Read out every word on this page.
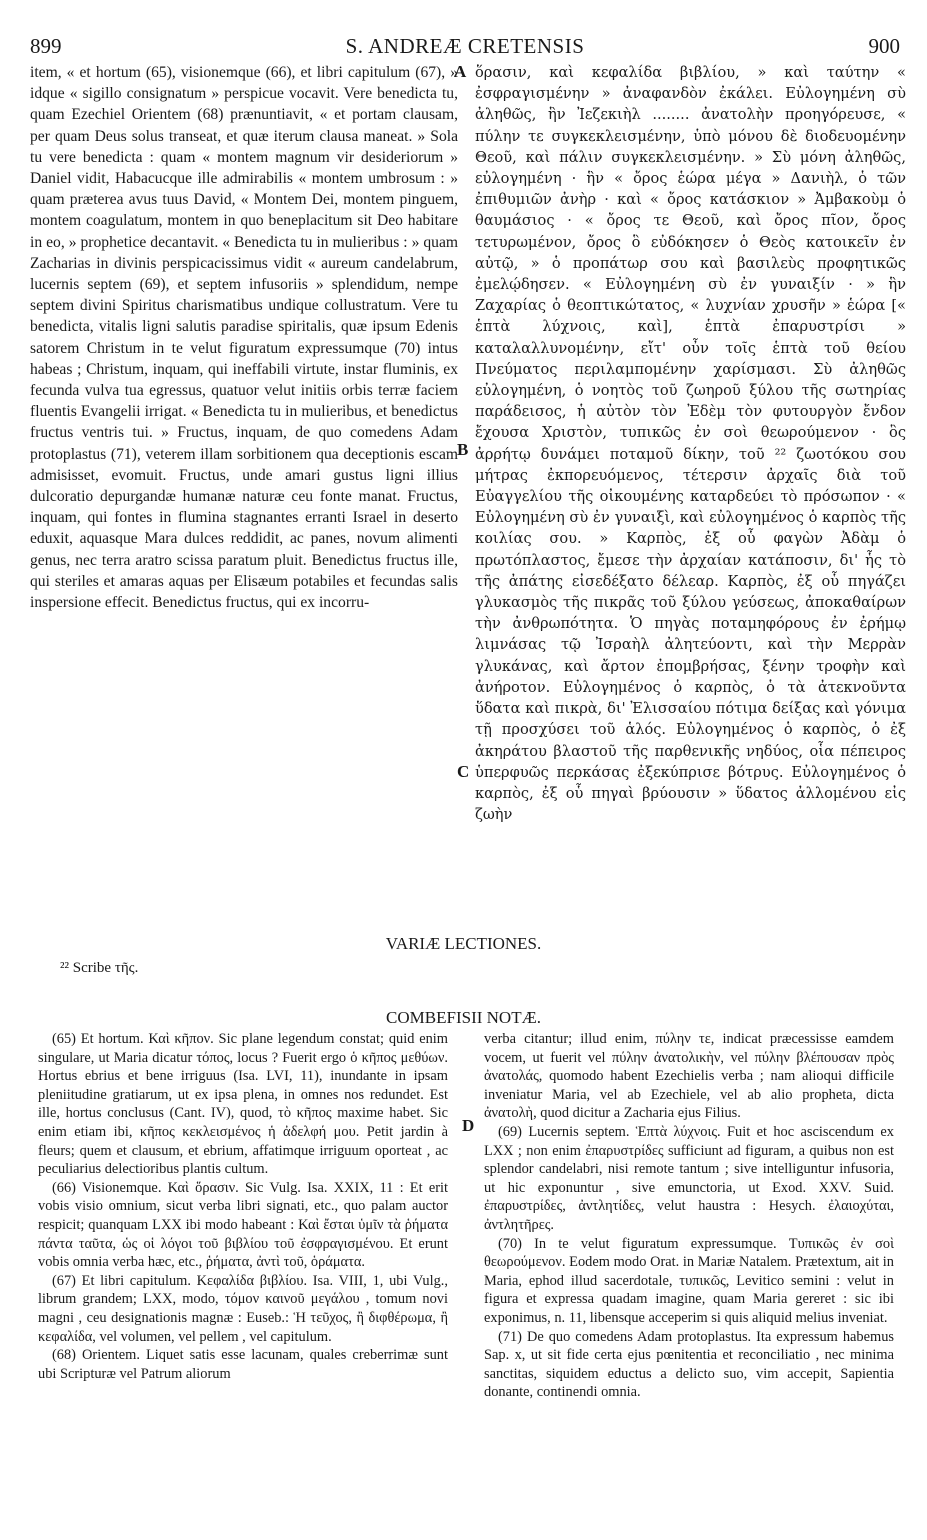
899	S. ANDREÆ CRETENSIS	900
item, « et hortum (65), visionemque (66), et libri capitulum (67), » idque « sigillo consignatum » perspicue vocavit. Vere benedicta tu, quam Ezechiel Orientem (68) prænuntiavit, « et portam clausam, per quam Deus solus transeat, et quæ iterum clausa maneat. » Sola tu vere benedicta : quam « montem magnum vir desideriorum » Daniel vidit, Habacucque ille admirabilis « montem umbrosum : » quam prætereа avus tuus David, « Montem Dei, montem pinguem, montem coagulatum, montem in quo beneplacitum sit Deo habitare in eo, » prophetice decantavit. « Benedicta tu in mulieribus : » quam Zacharias in divinis perspicacissimus vidit « aureum candelabrum, lucernis septem (69), et septem infusoriis » splendidum, nempe septem divini Spiritus charismatibus undique collustratum. Vere tu benedicta, vitalis ligni salutis paradise spiritalis, quæ ipsum Edenis satorem Christum in te velut figuratum expressumque (70) intus habeas ; Christum, inquam, qui ineffabili virtute, instar fluminis, ex fecunda vulva tua egressus, quatuor velut initiis orbis terræ faciem fluentis Evangelii irrigat. « Benedicta tu in mulieribus, et benedictus fructus ventris tui. » Fructus, inquam, de quo comedens Adam protoplastus (71), veterem illam sorbitionem qua deceptionis escam admisisset, evomuit. Fructus, unde amari gustus ligni illius dulcoratio depurgandæ humanæ naturæ ceu fonte manat. Fructus, inquam, qui fontes in flumina stagnantes erranti Israel in deserto eduxit, aquasque Mara dulces reddidit, ac panes, novum alimenti genus, nec terra aratro scissa paratum pluit. Benedictus fructus ille, qui steriles et amaras aquas per Elisæum potabiles et fecundas salis inspersione effecit. Benedictus fructus, qui ex incorru-
A
B
C
ὅρασιν, καὶ κεφαλίδα βιβλίου, » καὶ ταύτην « ἐσφραγισμένην » ἀναφανδὸν ἐκάλει. Εὐλογημένη σὺ ἀληθῶς, ἣν Ἰεζεκιὴλ ........ ἀνατολὴν προηγόρευσε, « πύλην τε συγκεκλεισμένην, ὑπὸ μόνου δὲ διοδευομένην Θεοῦ, καὶ πάλιν συγκεκλεισμένην. » Σὺ μόνη ἀληθῶς, εὐλογημένη · ἣν « ὄρος ἑώρα μέγα » Δανιὴλ, ὁ τῶν ἐπιθυμιῶν ἀνὴρ · καὶ « ὄρος κατάσκιον » Ἀμβακοὺμ ὁ θαυμάσιος · « ὄρος τε Θεοῦ, καὶ ὄρος πῖον, ὄρος τετυρωμένον, ὄρος ὃ εὐδόκησεν ὁ Θεὸς κατοικεῖν ἐν αὐτῷ, » ὁ προπάτωρ σου καὶ βασιλεὺς προφητικῶς ἐμελῴδησεν. « Εὐλογημένη σὺ ἐν γυναιξίν · » ἣν Ζαχαρίας ὁ θεοπτικώτατος, « λυχνίαν χρυσῆν » ἑώρα [« ἑπτὰ λύχνοις, καὶ], ἑπτὰ ἐπαρυστρίσι » καταλαλλυνομένην, εἴτ' οὖν τοῖς ἑπτὰ τοῦ θείου Πνεύματος περιλαμπομένην χαρίσμασι. Σὺ ἀληθῶς εὐλογημένη, ὁ νοητὸς τοῦ ζωηροῦ ξύλου τῆς σωτηρίας παράδεισος, ἡ αὐτὸν τὸν Ἐδὲμ τὸν φυτουργὸν ἔνδον ἔχουσα Χριστὸν, τυπικῶς ἐν σοὶ θεωρούμενον · ὃς ἀρρήτῳ δυνάμει ποταμοῦ δίκην, τοῦ ²² ζωοτόκου σου μήτρας ἐκπορευόμενος, τέτερσιν ἀρχαῖς διὰ τοῦ Εὐαγγελίου τῆς οἰκουμένης καταρδεύει τὸ πρόσωπον · « Εὐλογημένη σὺ ἐν γυναιξὶ, καὶ εὐλογημένος ὁ καρπὸς τῆς κοιλίας σου. » Καρπὸς, ἐξ οὗ φαγὼν Ἀδὰμ ὁ πρωτόπλαστος, ἔμεσε τὴν ἀρχαίαν κατάποσιν, δι' ἧς τὸ τῆς ἀπάτης εἰσεδέξατο δέλεαρ. Καρπὸς, ἐξ οὗ πηγάζει γλυκασμὸς τῆς πικρᾶς τοῦ ξύλου γεύσεως, ἀποκαθαίρων τὴν ἀνθρωπότητα. Ὁ πηγὰς ποταμηφόρους ἐν ἐρήμῳ λιμνάσας τῷ Ἰσραὴλ ἀλητεύοντι, καὶ τὴν Μερρὰν γλυκάνας, καὶ ἄρτον ἐπομβρήσας, ξένην τροφὴν καὶ ἀνήροτον. Εὐλογημένος ὁ καρπὸς, ὁ τὰ ἀτεκνοῦντα ὕδατα καὶ πικρὰ, δι' Ἐλισσαίου πότιμα δείξας καὶ γόνιμα τῇ προσχύσει τοῦ ἁλός. Εὐλογημένος ὁ καρπὸς, ὁ ἐξ ἀκηράτου βλαστοῦ τῆς παρθενικῆς νηδύος, οἷα πέπειρος ὑπερφυῶς περκάσας ἐξεκύπρισε βότρυς. Εὐλογημένος ὁ καρπὸς, ἐξ οὗ πηγαὶ βρύουσιν » ὕδατος ἀλλομένου εἰς ζωὴν
VARIÆ LECTIONES.
²² Scribe τῆς.
COMBEFISII NOTÆ.

(65) Et hortum. Καὶ κῆπον. Sic plane legendum constat; quid enim singulare, ut Maria dicatur τόπος, locus ? Fuerit ergo ὁ κῆπος μεθύων. Hortus ebrius et bene irriguus (Isa. LVI, 11), inundante in ipsam pleniitudine gratiarum, ut ex ipsa plena, in omnes nos redundet. Est ille, hortus conclusus (Cant. IV), quod, τὸ κῆπος maxime habet. Sic enim etiam ibi, κῆπος κεκλεισμένος ἡ ἀδελφή μου. Petit jardin à fleurs; quem et clausum, et ebrium, affatimque irriguum oporteat , ac peculiarius delectioribus plantis cultum.

(66) Visionemque. Καὶ ὅρασιν. Sic Vulg. Isa. XXIX, 11 : Et erit vobis visio omnium, sicut verba libri signati, etc., quo palam auctor respicit; quanquam LXX ibi modo habeant : Καὶ ἔσται ὑμῖν τὰ ῥήματα πάντα ταῦτα, ὡς οἱ λόγοι τοῦ βιβλίου τοῦ ἐσφραγισμένου. Et erunt vobis omnia verba hæc, etc., ῥήματα, ἀντὶ τοῦ, ὁράματα.

(67) Et libri capitulum. Κεφαλίδα βιβλίου. Isa. VIII, 1, ubi Vulg., librum grandem; LXX, modo, τόμον καινοῦ μεγάλου , tomum novi magni , ceu designationis magnæ : Euseb.: Ἡ τεῦχος, ἢ διφθέρωμα, ἢ κεφαλίδα, vel volumen, vel pellem , vel capitulum.

(68) Orientem. Liquet satis esse lacunam, quales creberrimæ sunt ubi Scripturæ vel Patrum aliorum

D

verba citantur; illud enim, πύλην τε, indicat præcessisse eamdem vocem, ut fuerit vel πύλην ἀνατολικὴν, vel πύλην βλέπουσαν πρὸς ἀνατολάς, quomodo habent Ezechielis verba ; nam alioqui difficile inveniatur Maria, vel ab Ezechiele, vel ab alio propheta, dicta ἀνατολὴ, quod dicitur a Zacharia ejus Filius.

(69) Lucernis septem. Ἑπτὰ λύχνοις. Fuit et hoc asciscendum ex LXX ; non enim ἐπαρυστρίδες sufficiunt ad figuram, a quibus non est splendor candelabri, nisi remote tantum ; sive intelliguntur infusoria, ut hic exponuntur , sive emunctoria, ut Exod. XXV. Suid. ἐπαρυστρίδες, ἀντλητίδες, velut haustra : Hesych. ἐλαιοχύται, ἀντλητῆρες.

(70) In te velut figuratum expressumque. Τυπικῶς ἐν σοὶ θεωρούμενον. Eodem modo Orat. in Mariæ Natalem. Prætextum, ait in Maria, ephod illud sacerdotale, τυπικῶς, Levitico semini : velut in figura et expressa quadam imagine, quam Maria gereret : sic ibi exponimus, n. 11, libensque acceperim si quis aliquid melius inveniat.

(71) De quo comedens Adam protoplastus. Ita expressum habemus Sap. x, ut sit fide certa ejus pœnitentia et reconciliatio , nec minima sanctitas, siquidem eductus a delicto suo, vim accepit, Sapientia donante, continendi omnia.
